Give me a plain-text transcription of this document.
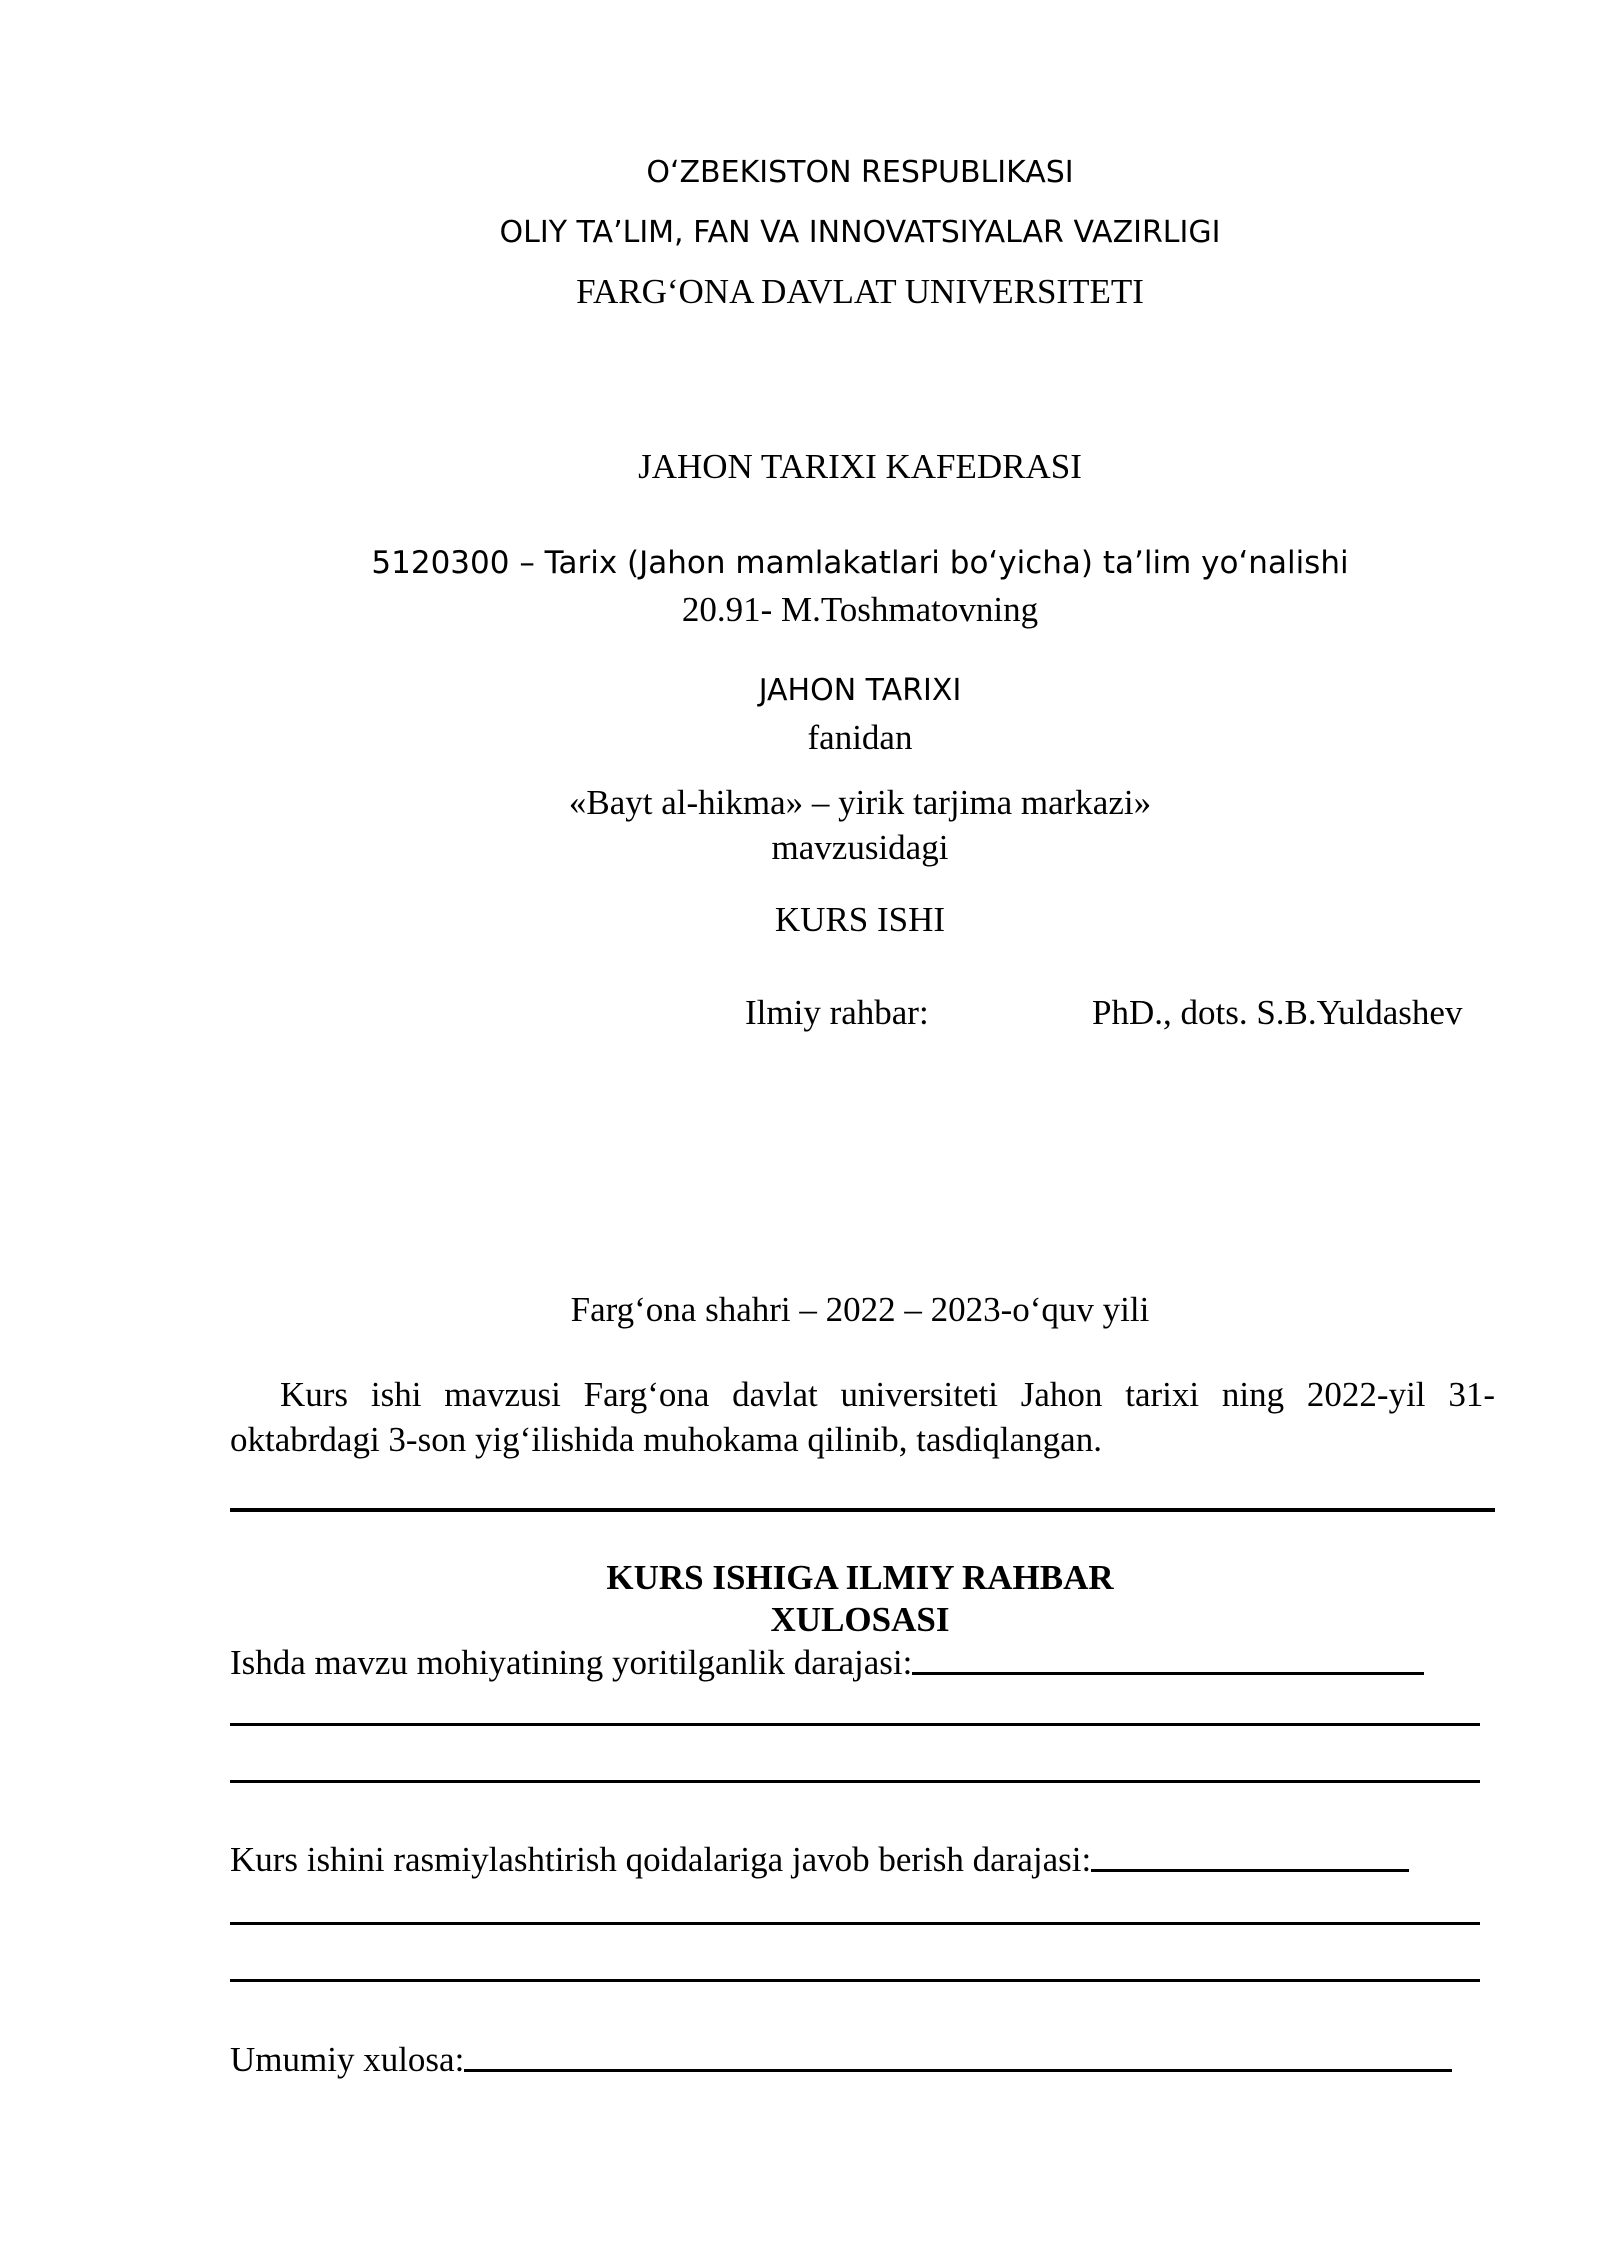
O‘ZBEKISTON RESPUBLIKASI
OLIY TA’LIM, FAN VA INNOVATSIYALAR VAZIRLIGI
FARG‘ONA DAVLAT UNIVERSITETI
JAHON TARIXI KAFEDRASI
5120300 – Tarix (Jahon mamlakatlari bo‘yicha) ta’lim yo‘nalishi
20.91- M.Toshmatovning
JAHON TARIXI
fanidan
«Bayt al-hikma» – yirik tarjima markazi»
mavzusidagi
KURS ISHI
Ilmiy rahbar:	PhD., dots. S.B.Yuldashev
Farg‘ona shahri – 2022 – 2023-o‘quv yili
Kurs ishi mavzusi Farg‘ona davlat universiteti Jahon tarixi ning 2022-yil 31-oktabrdagi 3-son yig‘ilishida muhokama qilinib, tasdiqlangan.
KURS ISHIGA ILMIY RAHBAR
XULOSASI
Ishda mavzu mohiyatining yoritilganlik darajasi:
Kurs ishini rasmiylashtirish qoidalariga javob berish darajasi:
Umumiy xulosa:
